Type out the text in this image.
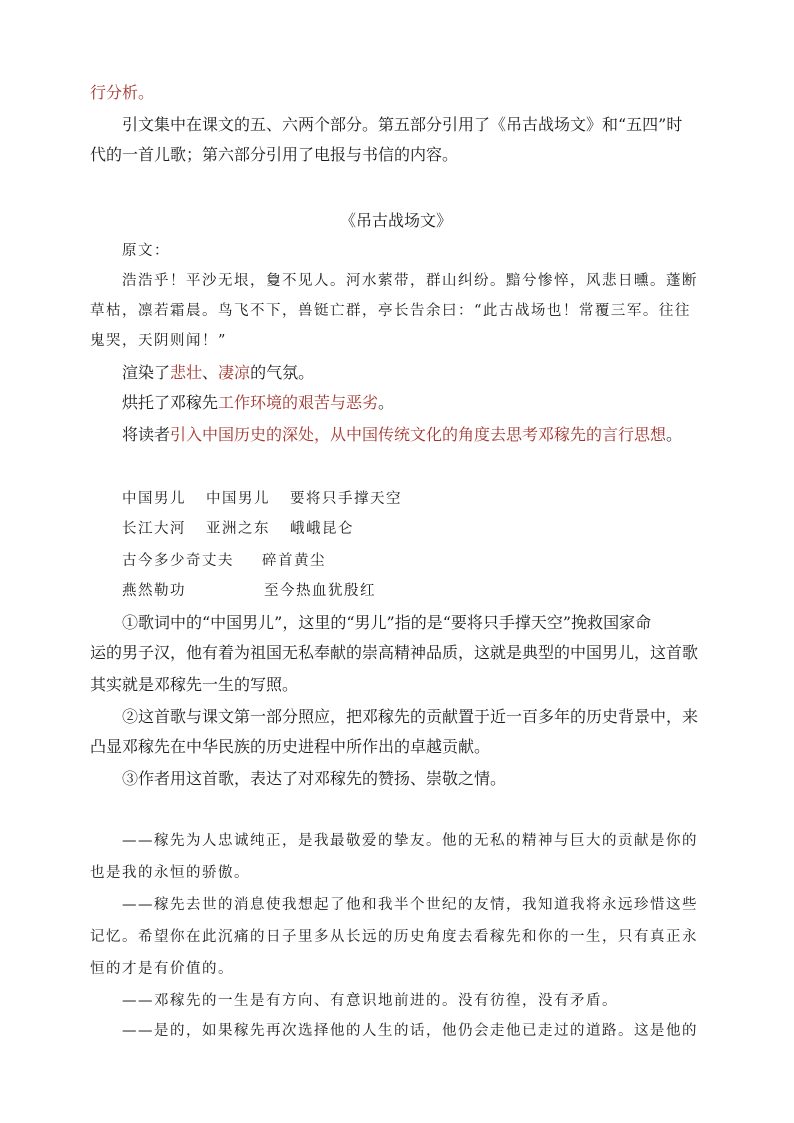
行分析。

引文集中在课文的五、六两个部分。第五部分引用了《吊古战场文》和“五四”时

代的一首儿歌；第六部分引用了电报与书信的内容。

《吊古战场文》

原文：

浩浩乎！平沙无垠，敻不见人。河水萦带，群山纠纷。黯兮惨悴，风悲日曛。蓬断

草枯，凛若霜晨。鸟飞不下，兽铤亡群，亭长告余曰：“此古战场也！常覆三军。往往

鬼哭，天阴则闻！”

渲染了悲壮、凄凉的气氛。

烘托了邓稼先工作环境的艰苦与恶劣。

将读者引入中国历史的深处，从中国传统文化的角度去思考邓稼先的言行思想。

中国男儿 中国男儿 要将只手撑天空

长江大河 亚洲之东 峨峨昆仑

古今多少奇丈夫 碎首黄尘

燕然勒功	至今热血犹殷红

①歌词中的“中国男儿”，这里的“男儿”指的是“要将只手撑天空”挽救国家命

运的男子汉，他有着为祖国无私奉献的崇高精神品质，这就是典型的中国男儿，这首歌

其实就是邓稼先一生的写照。

②这首歌与课文第一部分照应，把邓稼先的贡献置于近一百多年的历史背景中，来

凸显邓稼先在中华民族的历史进程中所作出的卓越贡献。

③作者用这首歌，表达了对邓稼先的赞扬、崇敬之情。

——稼先为人忠诚纯正，是我最敬爱的挚友。他的无私的精神与巨大的贡献是你的

也是我的永恒的骄傲。

——稼先去世的消息使我想起了他和我半个世纪的友情，我知道我将永远珍惜这些

记忆。希望你在此沉痛的日子里多从长远的历史角度去看稼先和你的一生，只有真正永

恒的才是有价值的。

——邓稼先的一生是有方向、有意识地前进的。没有彷徨，没有矛盾。

——是的，如果稼先再次选择他的人生的话，他仍会走他已走过的道路。这是他的
